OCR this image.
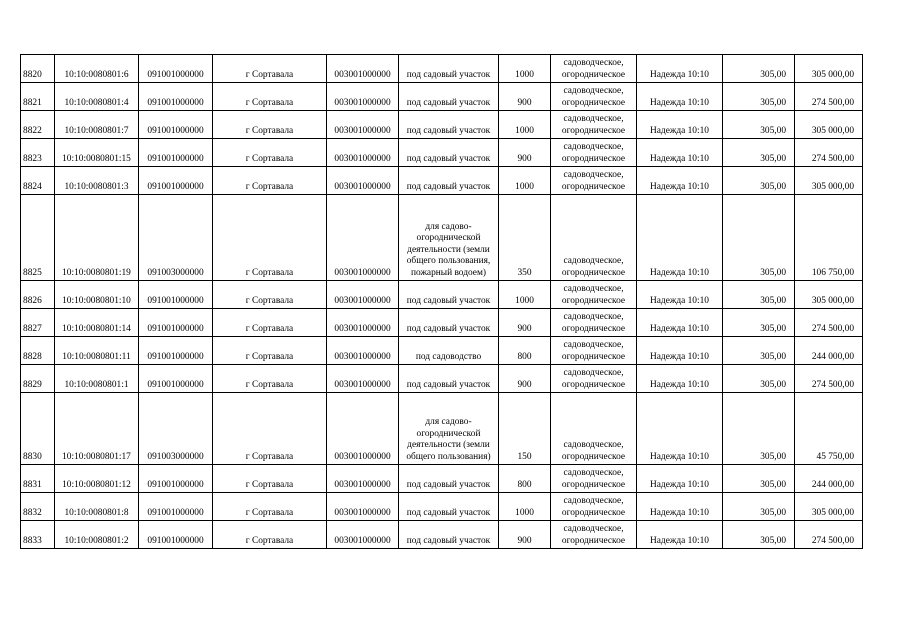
8820	10:10:0080801:6	091001000000	г Сортавала	003001000000	под садовый участок	1000	садоводческое, огородническое	Надежда 10:10	305,00	305 000,00
8821	10:10:0080801:4	091001000000	г Сортавала	003001000000	под садовый участок	900	садоводческое, огородническое	Надежда 10:10	305,00	274 500,00
8822	10:10:0080801:7	091001000000	г Сортавала	003001000000	под садовый участок	1000	садоводческое, огородническое	Надежда 10:10	305,00	305 000,00
8823	10:10:0080801:15	091001000000	г Сортавала	003001000000	под садовый участок	900	садоводческое, огородническое	Надежда 10:10	305,00	274 500,00
8824	10:10:0080801:3	091001000000	г Сортавала	003001000000	под садовый участок	1000	садоводческое, огородническое	Надежда 10:10	305,00	305 000,00
8825	10:10:0080801:19	091003000000	г Сортавала	003001000000	для садово-огороднической деятельности (земли общего пользования, пожарный водоем)	350	садоводческое, огородническое	Надежда 10:10	305,00	106 750,00
8826	10:10:0080801:10	091001000000	г Сортавала	003001000000	под садовый участок	1000	садоводческое, огородническое	Надежда 10:10	305,00	305 000,00
8827	10:10:0080801:14	091001000000	г Сортавала	003001000000	под садовый участок	900	садоводческое, огородническое	Надежда 10:10	305,00	274 500,00
8828	10:10:0080801:11	091001000000	г Сортавала	003001000000	под садоводство	800	садоводческое, огородническое	Надежда 10:10	305,00	244 000,00
8829	10:10:0080801:1	091001000000	г Сортавала	003001000000	под садовый участок	900	садоводческое, огородническое	Надежда 10:10	305,00	274 500,00
8830	10:10:0080801:17	091003000000	г Сортавала	003001000000	для садово-огороднической деятельности (земли общего пользования)	150	садоводческое, огородническое	Надежда 10:10	305,00	45 750,00
8831	10:10:0080801:12	091001000000	г Сортавала	003001000000	под садовый участок	800	садоводческое, огородническое	Надежда 10:10	305,00	244 000,00
8832	10:10:0080801:8	091001000000	г Сортавала	003001000000	под садовый участок	1000	садоводческое, огородническое	Надежда 10:10	305,00	305 000,00
8833	10:10:0080801:2	091001000000	г Сортавала	003001000000	под садовый участок	900	садоводческое, огородническое	Надежда 10:10	305,00	274 500,00
